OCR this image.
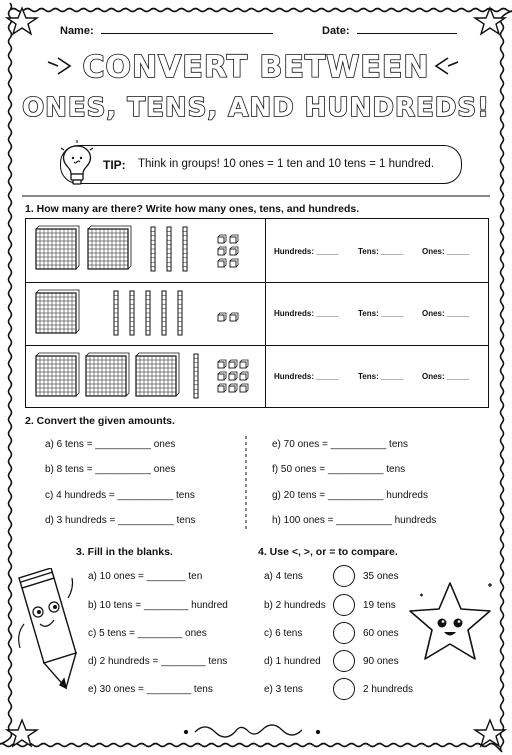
Name:	Date:
CONVERT BETWEEN
ONES, TENS, AND HUNDREDS!
TIP: Think in groups! 10 ones = 1 ten and 10 tens = 1 hundred.
1. How many are there? Write how many ones, tens, and hundreds.
Hundreds: _____ Tens: _____ Ones: _____
Hundreds: _____ Tens: _____ Ones: _____
Hundreds: _____ Tens: _____ Ones: _____
2. Convert the given amounts.
a) 6 tens = __________ ones
b) 8 tens = __________ ones
c) 4 hundreds = __________ tens
d) 3 hundreds = __________ tens
e) 70 ones = __________ tens
f) 50 ones = __________ tens
g) 20 tens = __________ hundreds
h) 100 ones = __________ hundreds
3. Fill in the blanks.
a) 10 ones = _______ ten
b) 10 tens = ________ hundred
c) 5 tens = ________ ones
d) 2 hundreds = ________ tens
e) 30 ones = ________ tens
4. Use <, >, or = to compare.
a) 4 tens	35 ones
b) 2 hundreds	19 tens
c) 6 tens	60 ones
d) 1 hundred	90 ones
e) 3 tens	2 hundreds
